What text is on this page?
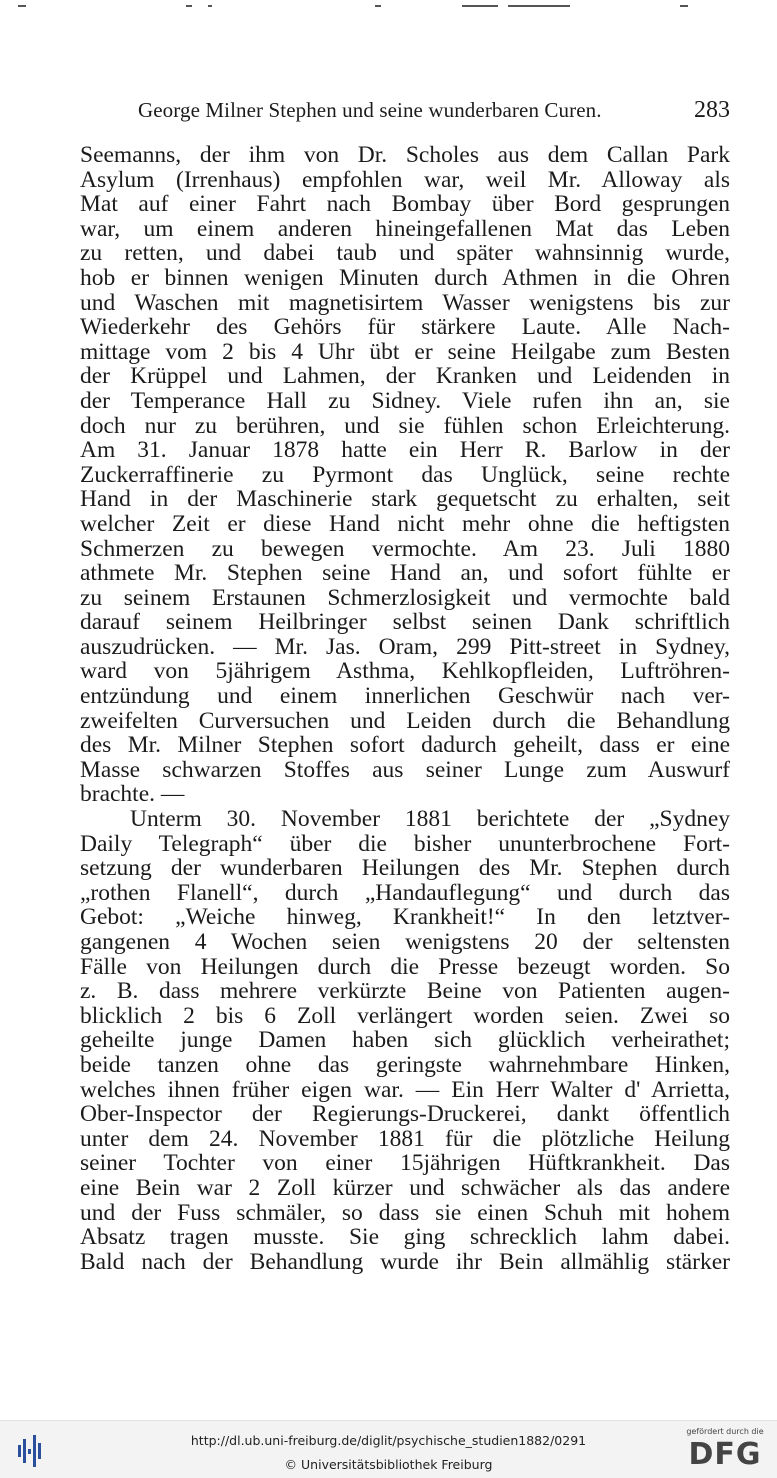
George Milner Stephen und seine wunderbaren Curen.	283
Seemanns, der ihm von Dr. Scholes aus dem Callan Park
Asylum (Irrenhaus) empfohlen war, weil Mr. Alloway als
Mat auf einer Fahrt nach Bombay über Bord gesprungen
war, um einem anderen hineingefallenen Mat das Leben
zu retten, und dabei taub und später wahnsinnig wurde,
hob er binnen wenigen Minuten durch Athmen in die Ohren
und Waschen mit magnetisirtem Wasser wenigstens bis zur
Wiederkehr des Gehörs für stärkere Laute. Alle Nach-
mittage vom 2 bis 4 Uhr übt er seine Heilgabe zum Besten
der Krüppel und Lahmen, der Kranken und Leidenden in
der Temperance Hall zu Sidney. Viele rufen ihn an, sie
doch nur zu berühren, und sie fühlen schon Erleichterung.
Am 31. Januar 1878 hatte ein Herr R. Barlow in der
Zuckerraffinerie zu Pyrmont das Unglück, seine rechte
Hand in der Maschinerie stark gequetscht zu erhalten, seit
welcher Zeit er diese Hand nicht mehr ohne die heftigsten
Schmerzen zu bewegen vermochte. Am 23. Juli 1880
athmete Mr. Stephen seine Hand an, und sofort fühlte er
zu seinem Erstaunen Schmerzlosigkeit und vermochte bald
darauf seinem Heilbringer selbst seinen Dank schriftlich
auszudrücken. — Mr. Jas. Oram, 299 Pitt-street in Sydney,
ward von 5jährigem Asthma, Kehlkopfleiden, Luftröhren-
entzündung und einem innerlichen Geschwür nach ver-
zweifelten Curversuchen und Leiden durch die Behandlung
des Mr. Milner Stephen sofort dadurch geheilt, dass er eine
Masse schwarzen Stoffes aus seiner Lunge zum Auswurf
brachte. —
Unterm 30. November 1881 berichtete der „Sydney
Daily Telegraph“ über die bisher ununterbrochene Fort-
setzung der wunderbaren Heilungen des Mr. Stephen durch
„rothen Flanell“, durch „Handauflegung“ und durch das
Gebot: „Weiche hinweg, Krankheit!“ In den letztver-
gangenen 4 Wochen seien wenigstens 20 der seltensten
Fälle von Heilungen durch die Presse bezeugt worden. So
z. B. dass mehrere verkürzte Beine von Patienten augen-
blicklich 2 bis 6 Zoll verlängert worden seien. Zwei so
geheilte junge Damen haben sich glücklich verheirathet;
beide tanzen ohne das geringste wahrnehmbare Hinken,
welches ihnen früher eigen war. — Ein Herr Walter d' Arrietta,
Ober-Inspector der Regierungs-Druckerei, dankt öffentlich
unter dem 24. November 1881 für die plötzliche Heilung
seiner Tochter von einer 15jährigen Hüftkrankheit. Das
eine Bein war 2 Zoll kürzer und schwächer als das andere
und der Fuss schmäler, so dass sie einen Schuh mit hohem
Absatz tragen musste. Sie ging schrecklich lahm dabei.
Bald nach der Behandlung wurde ihr Bein allmählig stärker
http://dl.ub.uni-freiburg.de/diglit/psychische_studien1882/0291
© Universitätsbibliothek Freiburg
gefördert durch die
DFG
